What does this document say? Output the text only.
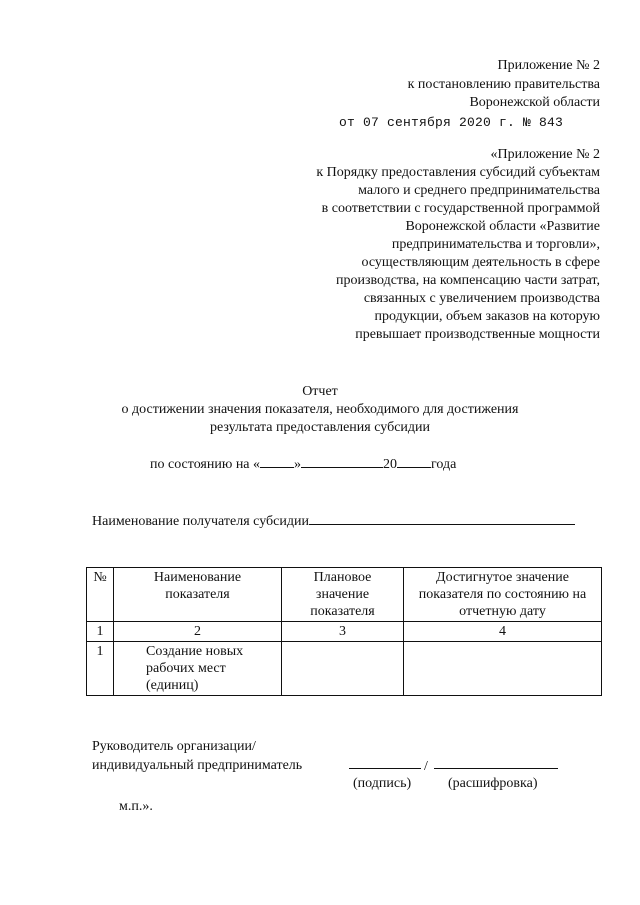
Приложение № 2
к постановлению правительства
Воронежской области
от 07 сентября 2020 г. № 843
«Приложение № 2
к Порядку предоставления субсидий субъектам
малого и среднего предпринимательства
в соответствии с государственной программой
Воронежской области «Развитие
предпринимательства и торговли»,
осуществляющим деятельность в сфере
производства, на компенсацию части затрат,
связанных с увеличением производства
продукции, объем заказов на которую
превышает производственные мощности
Отчет
о достижении значения показателя, необходимого для достижения
результата предоставления субсидии
по состоянию на « »	20 года
Наименование получателя субсидии
№	Наименование показателя	Плановое значение показателя	Достигнутое значение показателя по состоянию на отчетную дату
1	2	3	4
1	Создание новых рабочих мест (единиц)		
Руководитель организации/
индивидуальный предприниматель	/
(подпись)	(расшифровка)
м.п.».
